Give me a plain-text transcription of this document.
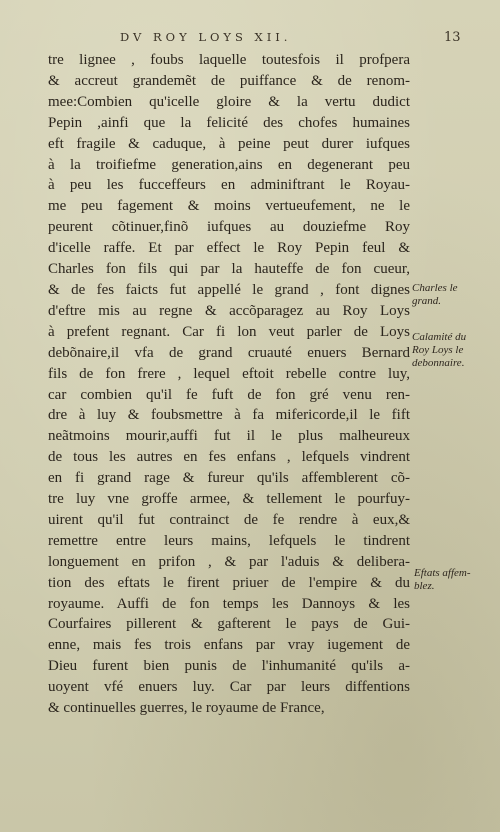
DV ROY LOYS XII.	13
tre lignee , foubs laquelle toutesfois il profpera
& accreut grandemẽt de puiffance & de renom-
mee:Combien qu'icelle gloire & la vertu dudict
Pepin ,ainfi que la felicité des chofes humaines
eft fragile & caduque, à peine peut durer iufques
à la troifiefme generation,ains en degenerant peu
à peu les fucceffeurs en adminiftrant le Royau-
me peu fagement & moins vertueufement, ne le
peurent cõtinuer,finõ iufques au douziefme Roy
d'icelle raffe. Et par effect le Roy Pepin feul &
Charles fon fils qui par la hauteffe de fon cueur,
& de fes faicts fut appellé le grand , font dignes
d'eftre mis au regne & accõparagez au Roy Loys
à prefent regnant. Car fi lon veut parler de Loys
debõnaire,il vfa de grand cruauté enuers Bernard
fils de fon frere , lequel eftoit rebelle contre luy,
car combien qu'il fe fuft de fon gré venu ren-
dre à luy & foubsmettre à fa mifericorde,il le fift
neãtmoins mourir,auffi fut il le plus malheureux
de tous les autres en fes enfans , lefquels vindrent
en fi grand rage & fureur qu'ils affemblerent cõ-
tre luy vne groffe armee, & tellement le pourfuy-
uirent qu'il fut contrainct de fe rendre à eux,&
remettre entre leurs mains, lefquels le tindrent
longuement en prifon , & par l'aduis & delibera-
tion des eftats le firent priuer de l'empire & du
royaume. Auffi de fon temps les Dannoys & les
Courfaires pillerent & gafterent le pays de Gui-
enne, mais fes trois enfans par vray iugement de
Dieu furent bien punis de l'inhumanité qu'ils a-
uoyent vfé enuers luy. Car par leurs diffentions
& continuelles guerres, le royaume de France,
Charles le
grand.
Calamité du
Roy Loys le
debonnaire.
Eftats affem-
blez.
